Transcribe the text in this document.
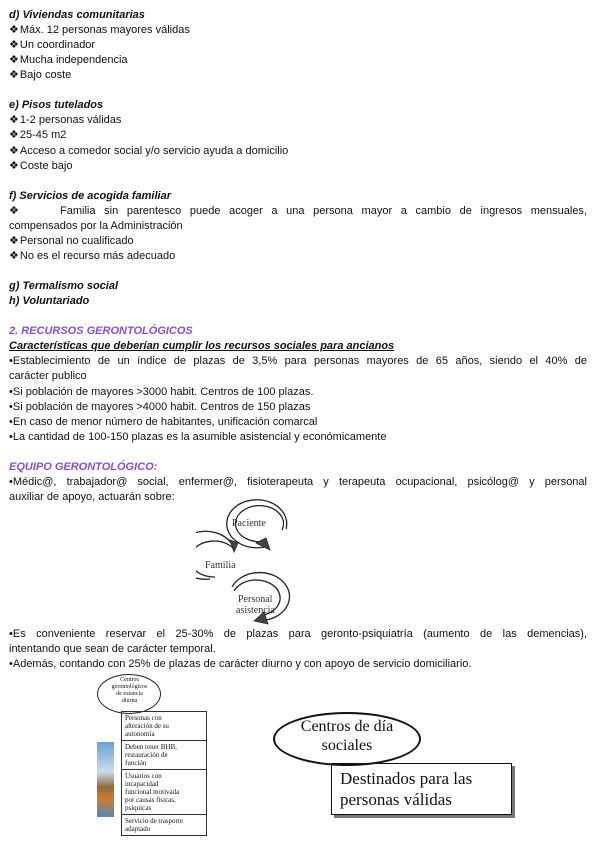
d) Viviendas comunitarias
❖ Máx. 12 personas mayores válidas
❖ Un coordinador
❖ Mucha independencia
❖ Bajo coste
e) Pisos tutelados
❖ 1-2 personas válidas
❖ 25-45 m2
❖ Acceso a comedor social y/o servicio ayuda a domicilio
❖ Coste bajo
f) Servicios de acogida familiar
❖     Familia sin parentesco puede acoger a una persona mayor a cambio de ingresos mensuales,
compensados por la Administración
❖ Personal no cualificado
❖ No es el recurso más adecuado
g) Termalismo social
h) Voluntariado
2. RECURSOS GERONTOLÓGICOS
Características que deberían cumplir los recursos sociales para ancianos
• Establecimiento de un índice de plazas de 3,5% para personas mayores de 65 años, siendo el 40% de
carácter publico
• Si población de mayores >3000 habit. Centros de 100 plazas.
• Si población de mayores >4000 habit. Centros de 150 plazas
• En caso de menor número de habitantes, unificación comarcal
• La cantidad de 100-150 plazas es la asumible asistencial y económicamente
EQUIPO GERONTOLÓGICO:
• Médic@, trabajador@ social, enfermer@, fisioterapeuta y terapeuta ocupacional, psicólog@ y personal
auxiliar de apoyo, actuarán sobre:
Paciente
Familia
Personal
asistencia
• Es conveniente reservar el 25-30% de plazas para geronto-psiquiatría (aumento de las demencias),
intentando que sean de carácter temporal.
• Además, contando con 25% de plazas de carácter diurno y con apoyo de servicio domiciliario.
Centros
gerontológicos
de estancia
diurna
Personas con
alteración de su
autonomía
Deben tener BHB,
restauración de
función
Usuarios con
incapacidad
funcional motivada
por causas físicas,
psíquicas
Servicio de trasporte
adaptado
Centros de día
sociales
Destinados para las
personas válidas
